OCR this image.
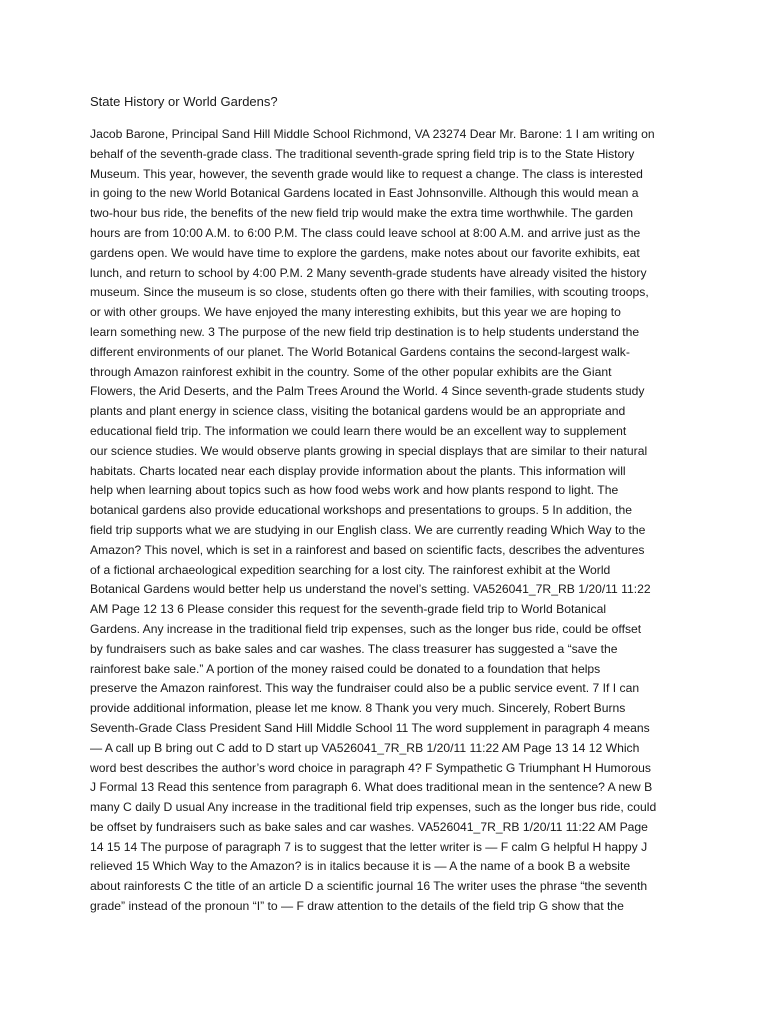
State History or World Gardens?
Jacob Barone, Principal Sand Hill Middle School Richmond, VA 23274 Dear Mr. Barone: 1 I am writing on
behalf of the seventh-grade class. The traditional seventh-grade spring field trip is to the State History
Museum. This year, however, the seventh grade would like to request a change. The class is interested
in going to the new World Botanical Gardens located in East Johnsonville. Although this would mean a
two-hour bus ride, the benefits of the new field trip would make the extra time worthwhile. The garden
hours are from 10:00 A.M. to 6:00 P.M. The class could leave school at 8:00 A.M. and arrive just as the
gardens open. We would have time to explore the gardens, make notes about our favorite exhibits, eat
lunch, and return to school by 4:00 P.M. 2 Many seventh-grade students have already visited the history
museum. Since the museum is so close, students often go there with their families, with scouting troops,
or with other groups. We have enjoyed the many interesting exhibits, but this year we are hoping to
learn something new. 3 The purpose of the new field trip destination is to help students understand the
different environments of our planet. The World Botanical Gardens contains the second-largest walk-
through Amazon rainforest exhibit in the country. Some of the other popular exhibits are the Giant
Flowers, the Arid Deserts, and the Palm Trees Around the World. 4 Since seventh-grade students study
plants and plant energy in science class, visiting the botanical gardens would be an appropriate and
educational field trip. The information we could learn there would be an excellent way to supplement
our science studies. We would observe plants growing in special displays that are similar to their natural
habitats. Charts located near each display provide information about the plants. This information will
help when learning about topics such as how food webs work and how plants respond to light. The
botanical gardens also provide educational workshops and presentations to groups. 5 In addition, the
field trip supports what we are studying in our English class. We are currently reading Which Way to the
Amazon? This novel, which is set in a rainforest and based on scientific facts, describes the adventures
of a fictional archaeological expedition searching for a lost city. The rainforest exhibit at the World
Botanical Gardens would better help us understand the novel’s setting. VA526041_7R_RB 1/20/11 11:22
AM Page 12 13 6 Please consider this request for the seventh-grade field trip to World Botanical
Gardens. Any increase in the traditional field trip expenses, such as the longer bus ride, could be offset
by fundraisers such as bake sales and car washes. The class treasurer has suggested a “save the
rainforest bake sale.” A portion of the money raised could be donated to a foundation that helps
preserve the Amazon rainforest. This way the fundraiser could also be a public service event. 7 If I can
provide additional information, please let me know. 8 Thank you very much. Sincerely, Robert Burns
Seventh-Grade Class President Sand Hill Middle School 11 The word supplement in paragraph 4 means
— A call up B bring out C add to D start up VA526041_7R_RB 1/20/11 11:22 AM Page 13 14 12 Which
word best describes the author’s word choice in paragraph 4? F Sympathetic G Triumphant H Humorous
J Formal 13 Read this sentence from paragraph 6. What does traditional mean in the sentence? A new B
many C daily D usual Any increase in the traditional field trip expenses, such as the longer bus ride, could
be offset by fundraisers such as bake sales and car washes. VA526041_7R_RB 1/20/11 11:22 AM Page
14 15 14 The purpose of paragraph 7 is to suggest that the letter writer is — F calm G helpful H happy J
relieved 15 Which Way to the Amazon? is in italics because it is — A the name of a book B a website
about rainforests C the title of an article D a scientific journal 16 The writer uses the phrase “the seventh
grade” instead of the pronoun “I” to — F draw attention to the details of the field trip G show that the
